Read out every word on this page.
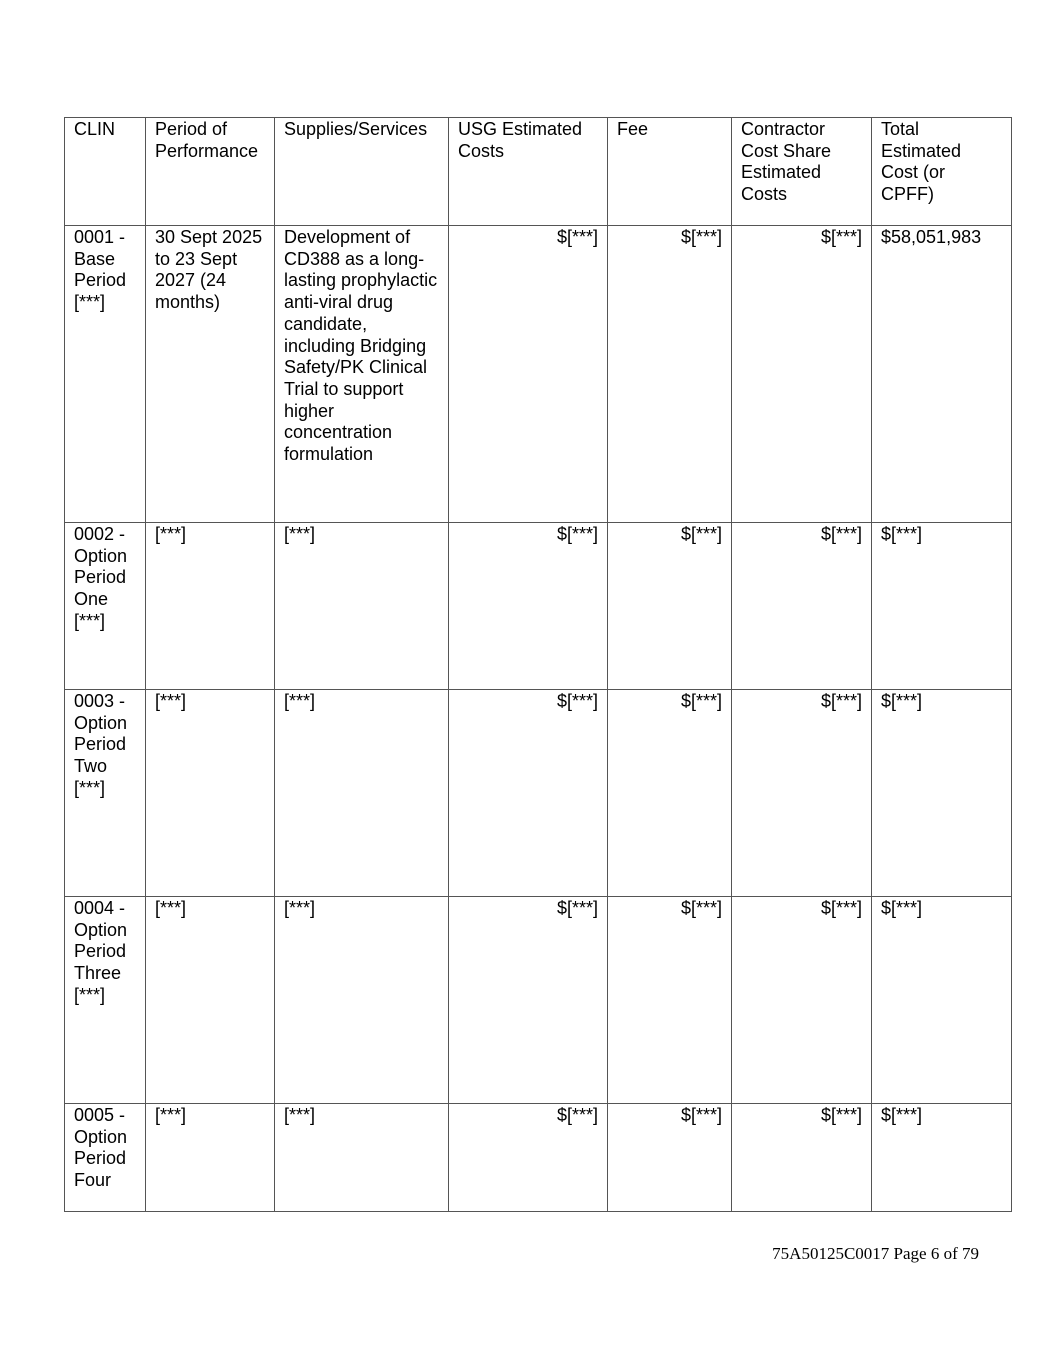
CLIN	Period of Performance	Supplies/Services	USG Estimated Costs	Fee	Contractor Cost Share Estimated Costs	Total Estimated Cost (or CPFF)
0001 - Base Period [***]	30 Sept 2025 to 23 Sept 2027 (24 months)	Development of CD388 as a long-lasting prophylactic anti-viral drug candidate, including Bridging Safety/PK Clinical Trial to support higher concentration formulation	$[***]	$[***]	$[***]	$58,051,983
0002 - Option Period One [***]	[***]	[***]	$[***]	$[***]	$[***]	$[***]
0003 - Option Period Two [***]	[***]	[***]	$[***]	$[***]	$[***]	$[***]
0004 - Option Period Three [***]	[***]	[***]	$[***]	$[***]	$[***]	$[***]
0005 - Option Period Four	[***]	[***]	$[***]	$[***]	$[***]	$[***]
75A50125C0017 Page 6 of 79
